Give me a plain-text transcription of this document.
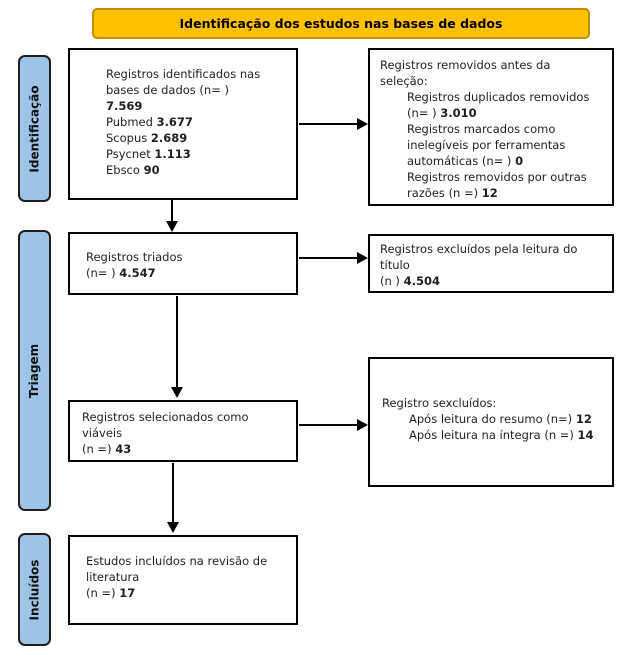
Identificação dos estudos nas bases de dados
Identificação
Triagem
Incluídos
Registros identificados nas
bases de dados (n= )
7.569
Pubmed 3.677
Scopus 2.689
Psycnet 1.113
Ebsco 90
Registros triados
(n= ) 4.547
Registros selecionados como
viáveis
(n =) 43
Estudos incluídos na revisão de
literatura
(n =) 17
Registros removidos antes da
seleção:
Registros duplicados removidos
(n= ) 3.010
Registros marcados como
inelegíveis por ferramentas
automáticas (n= ) 0
Registros removidos por outras
razões (n =) 12
Registros excluídos pela leitura do
título
(n ) 4.504
Registro sexcluídos:
Após leitura do resumo (n=) 12
Após leitura na íntegra (n =) 14
